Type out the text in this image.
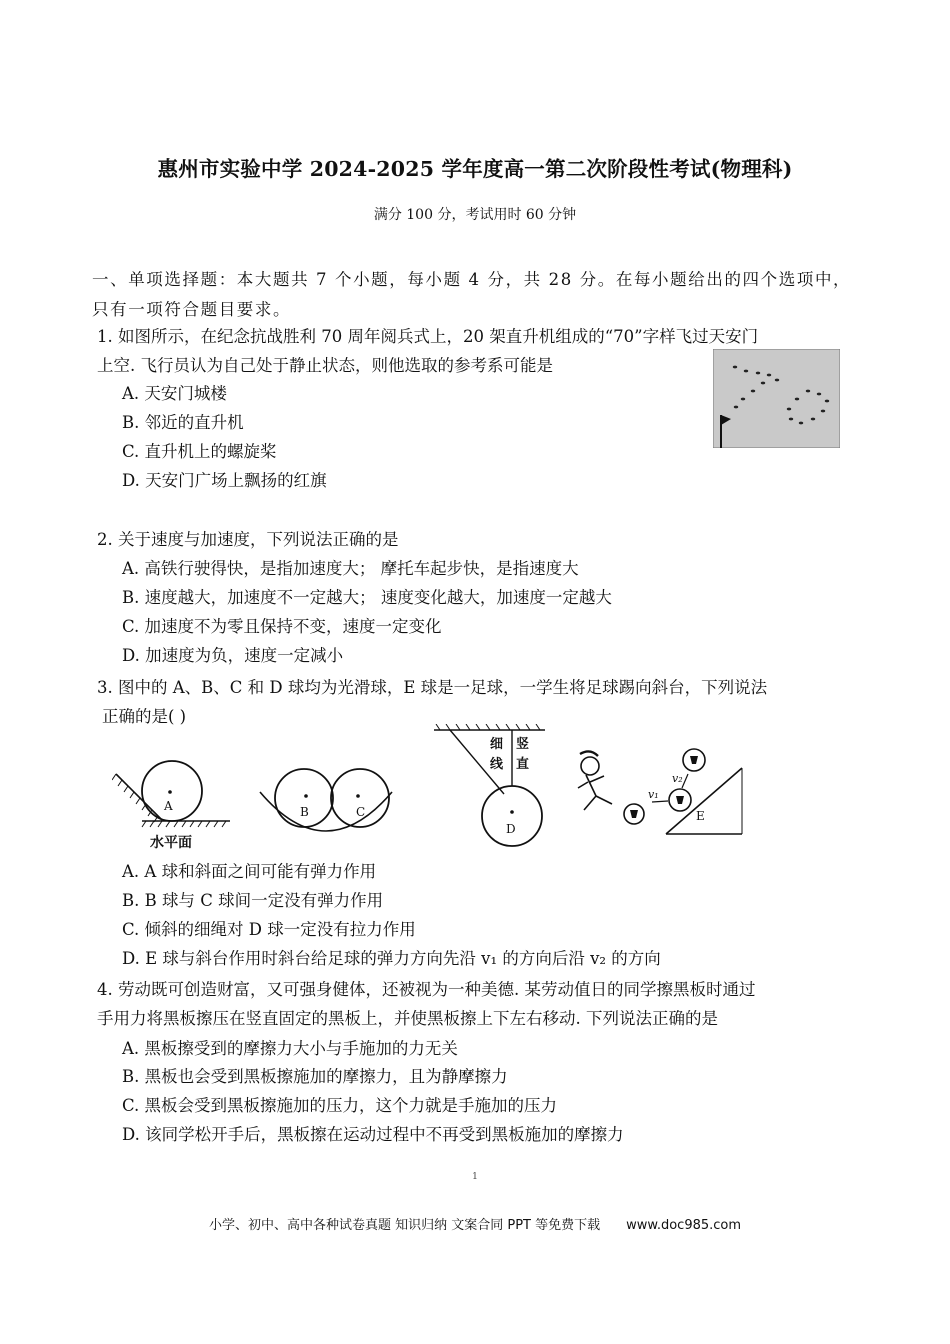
惠州市实验中学 2024-2025 学年度高一第二次阶段性考试(物理科)
满分 100 分，考试用时 60 分钟
一、单项选择题：本大题共 7 个小题，每小题 4 分，共 28 分。在每小题给出的四个选项中，
只有一项符合题目要求。
1. 如图所示，在纪念抗战胜利 70 周年阅兵式上，20 架直升机组成的“70”字样飞过天安门
上空. 飞行员认为自己处于静止状态，则他选取的参考系可能是
A. 天安门城楼
B. 邻近的直升机
C. 直升机上的螺旋桨
D. 天安门广场上飘扬的红旗
2. 关于速度与加速度，下列说法正确的是
A. 高铁行驶得快，是指加速度大； 摩托车起步快，是指速度大
B. 速度越大，加速度不一定越大； 速度变化越大，加速度一定越大
C. 加速度不为零且保持不变，速度一定变化
D. 加速度为负，速度一定减小
3. 图中的 A、B、C 和 D 球均为光滑球，E 球是一足球，一学生将足球踢向斜台，下列说法
正确的是( )
A
水平面
B	C
D
细
线
竖
直
v₁
v₂
E
A. A 球和斜面之间可能有弹力作用
B. B 球与 C 球间一定没有弹力作用
C. 倾斜的细绳对 D 球一定没有拉力作用
D. E 球与斜台作用时斜台给足球的弹力方向先沿 v₁ 的方向后沿 v₂ 的方向
4. 劳动既可创造财富，又可强身健体，还被视为一种美德. 某劳动值日的同学擦黑板时通过
手用力将黑板擦压在竖直固定的黑板上，并使黑板擦上下左右移动. 下列说法正确的是
A. 黑板擦受到的摩擦力大小与手施加的力无关
B. 黑板也会受到黑板擦施加的摩擦力，且为静摩擦力
C. 黑板会受到黑板擦施加的压力，这个力就是手施加的压力
D. 该同学松开手后，黑板擦在运动过程中不再受到黑板施加的摩擦力
1
小学、初中、高中各种试卷真题 知识归纳 文案合同 PPT 等免费下载 www.doc985.com
